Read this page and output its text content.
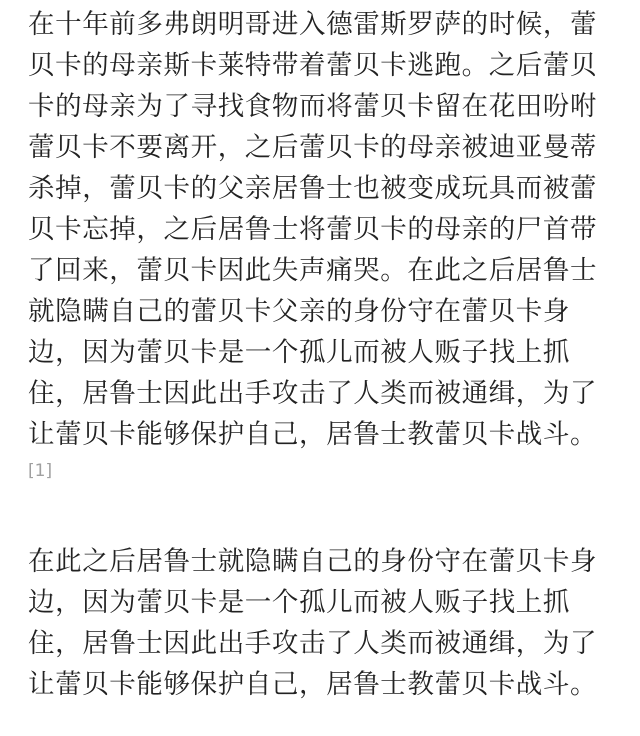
在十年前多弗朗明哥进入德雷斯罗萨的时候，蕾贝卡的母亲斯卡莱特带着蕾贝卡逃跑。之后蕾贝卡的母亲为了寻找食物而将蕾贝卡留在花田吩咐蕾贝卡不要离开，之后蕾贝卡的母亲被迪亚曼蒂杀掉，蕾贝卡的父亲居鲁士也被变成玩具而被蕾贝卡忘掉，之后居鲁士将蕾贝卡的母亲的尸首带了回来，蕾贝卡因此失声痛哭。在此之后居鲁士就隐瞒自己的蕾贝卡父亲的身份守在蕾贝卡身边，因为蕾贝卡是一个孤儿而被人贩子找上抓住，居鲁士因此出手攻击了人类而被通缉，为了让蕾贝卡能够保护自己，居鲁士教蕾贝卡战斗。
[1]

在此之后居鲁士就隐瞒自己的身份守在蕾贝卡身边，因为蕾贝卡是一个孤儿而被人贩子找上抓住，居鲁士因此出手攻击了人类而被通缉，为了让蕾贝卡能够保护自己，居鲁士教蕾贝卡战斗。
